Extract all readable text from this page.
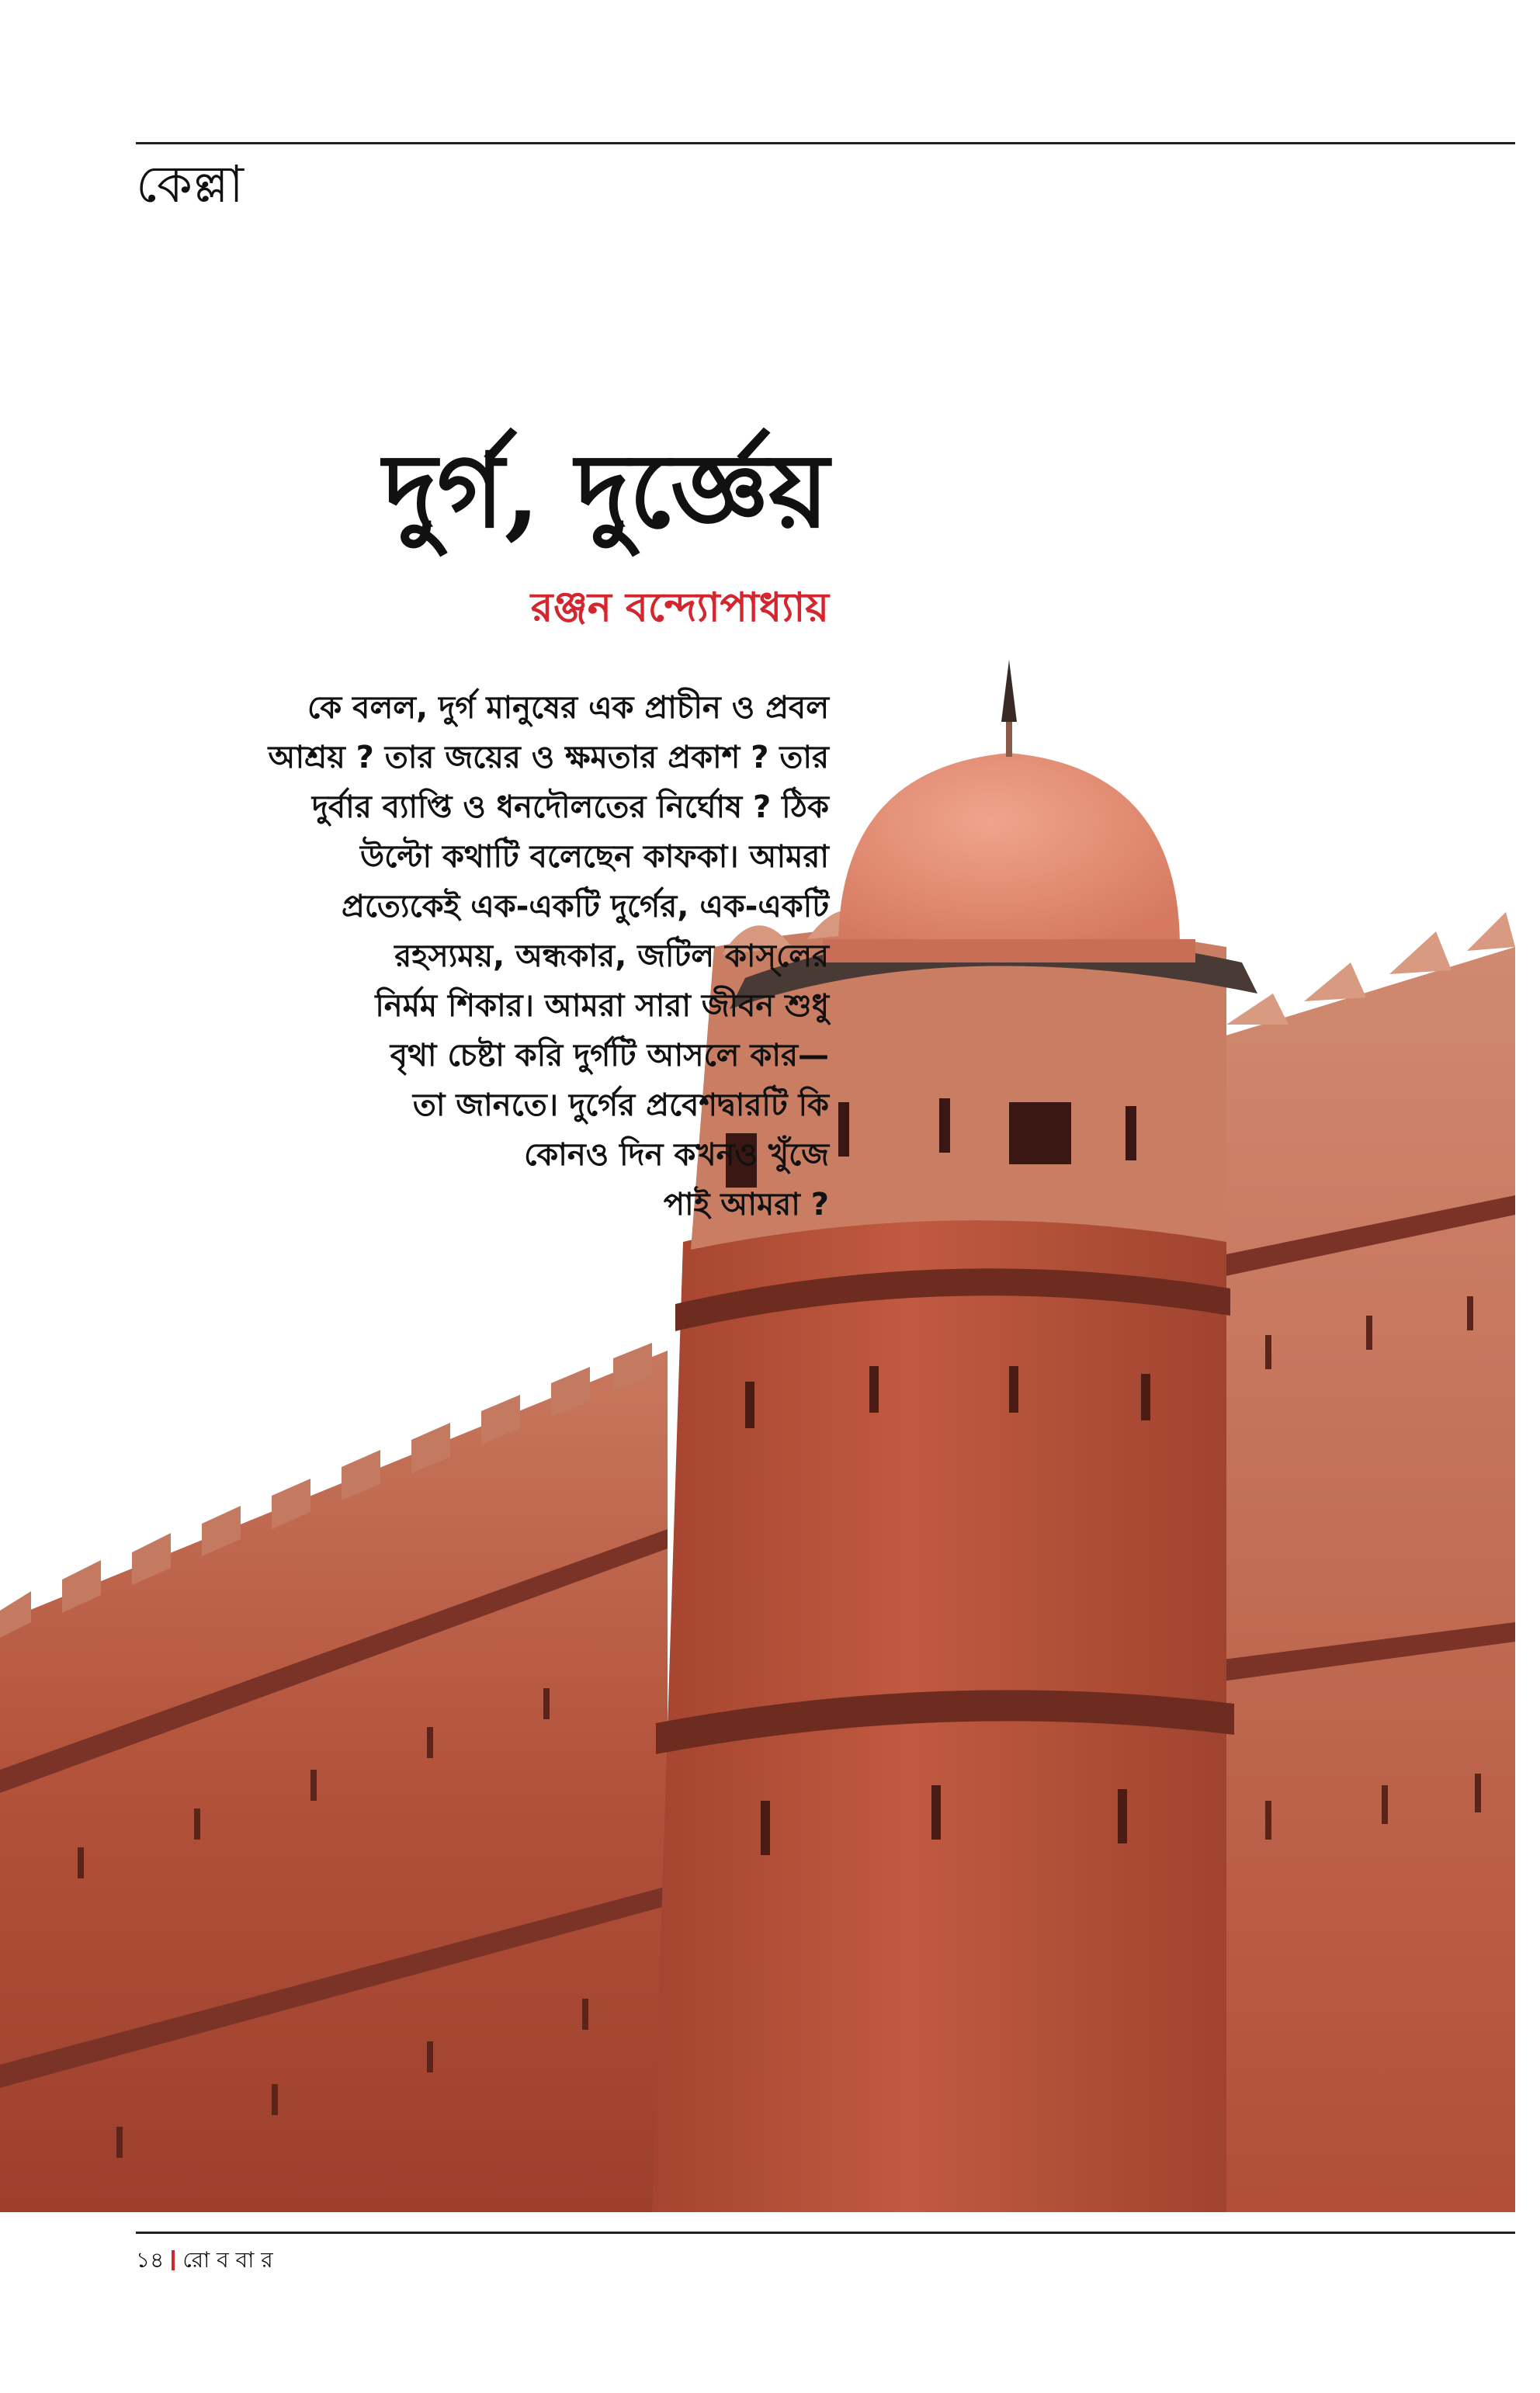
কেল্লা
দুর্গ, দুর্জ্ঞেয়
রঞ্জন বন্দ্যোপাধ্যায়
কে বলল, দুর্গ মানুষের এক প্রাচীন ও প্রবল
আশ্রয় ? তার জয়ের ও ক্ষমতার প্রকাশ ? তার
দুর্বার ব্যাপ্তি ও ধনদৌলতের নির্ঘোষ ? ঠিক
উল্টো কথাটি বলেছেন কাফকা। আমরা
প্রত্যেকেই এক-একটি দুর্গের, এক-একটি
রহস্যময়, অন্ধকার, জটিল কাস্‌লের
নির্মম শিকার। আমরা সারা জীবন শুধু
বৃথা চেষ্টা করি দুর্গটি আসলে কার—
তা জানতে। দুর্গের প্রবেশদ্বারটি কি
কোনও দিন কখনও খুঁজে
পাই আমরা ?
১৪ রো ব বা র
